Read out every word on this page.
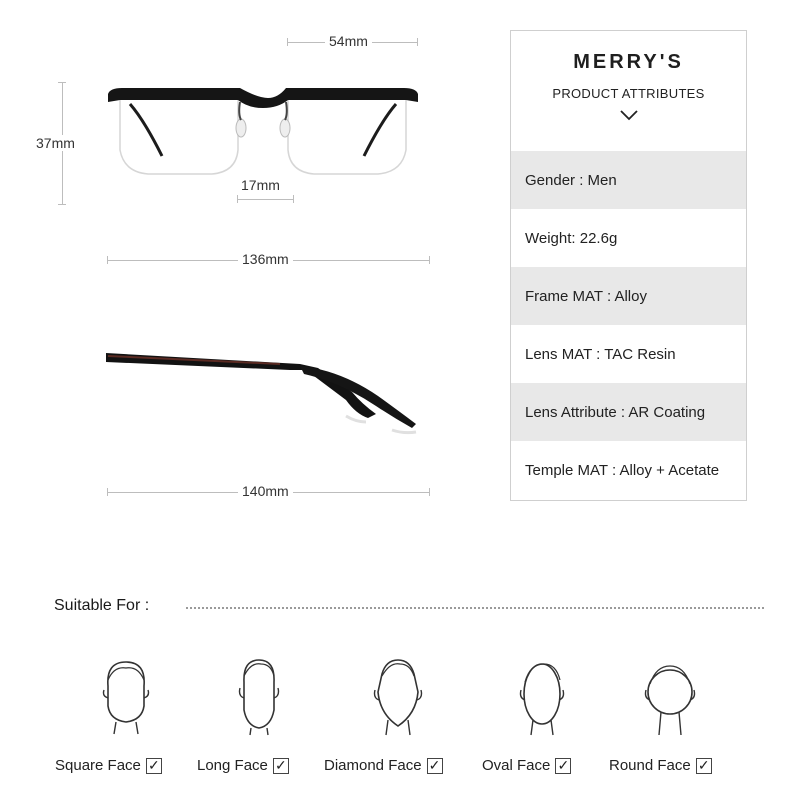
54mm
37mm
17mm
136mm
140mm
MERRY'S
PRODUCT ATTRIBUTES
Gender : Men
Weight: 22.6g
Frame MAT : Alloy
Lens MAT : TAC Resin
Lens Attribute : AR Coating
Temple MAT : Alloy + Acetate
Suitable For :
Square Face ✓ Long Face ✓ Diamond Face ✓	Oval Face ✓	Round Face ✓
